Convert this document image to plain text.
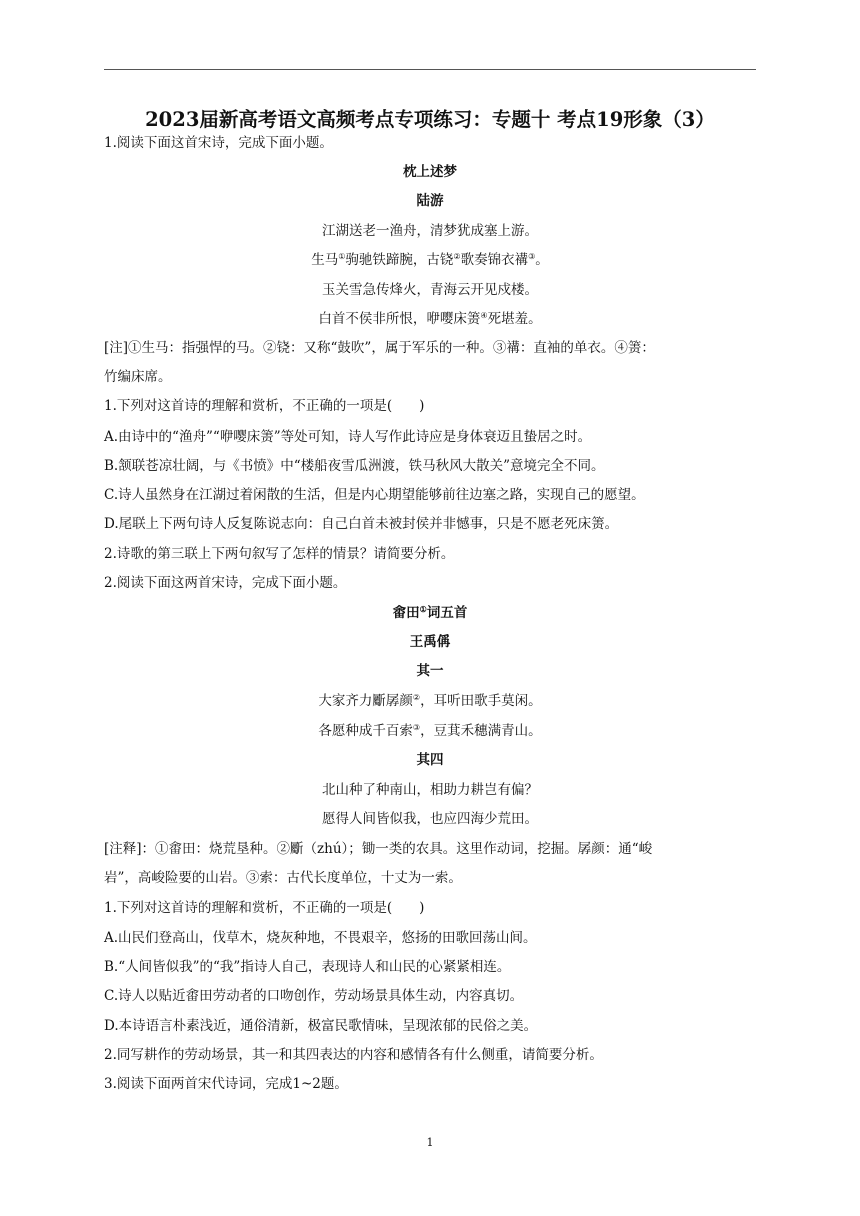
2023届新高考语文高频考点专项练习：专题十 考点19形象（3）
1.阅读下面这首宋诗，完成下面小题。
枕上述梦
陆游
江湖送老一渔舟，清梦犹成塞上游。
生马①驹驰铁蹄腕，古铙②歌奏锦衣褠③。
玉关雪急传烽火，青海云开见戍楼。
白首不侯非所恨，咿嘤床箦④死堪羞。
[注]①生马：指强悍的马。②铙：又称“鼓吹”，属于军乐的一种。③褠：直袖的单衣。④箦：
竹编床席。
1.下列对这首诗的理解和赏析，不正确的一项是(　　)
A.由诗中的“渔舟”“咿嘤床箦”等处可知，诗人写作此诗应是身体衰迈且蛰居之时。
B.颔联苍凉壮阔，与《书愤》中“楼船夜雪瓜洲渡，铁马秋风大散关”意境完全不同。
C.诗人虽然身在江湖过着闲散的生活，但是内心期望能够前往边塞之路，实现自己的愿望。
D.尾联上下两句诗人反复陈说志向：自己白首未被封侯并非憾事，只是不愿老死床箦。
2.诗歌的第三联上下两句叙写了怎样的情景？请简要分析。
2.阅读下面这两首宋诗，完成下面小题。
畬田①词五首
王禹偁
其一
大家齐力斸孱颜②，耳听田歌手莫闲。
各愿种成千百索③，豆萁禾穗满青山。
其四
北山种了种南山，相助力耕岂有偏？
愿得人间皆似我，也应四海少荒田。
[注释]：①畬田：烧荒垦种。②斸（zhú）；锄一类的农具。这里作动词，挖掘。孱颜：通“峻
岩”，高峻险要的山岩。③索：古代长度单位，十丈为一索。
1.下列对这首诗的理解和赏析，不正确的一项是(　　)
A.山民们登高山，伐草木，烧灰种地，不畏艰辛，悠扬的田歌回荡山间。
B.“人间皆似我”的“我”指诗人自己，表现诗人和山民的心紧紧相连。
C.诗人以贴近畬田劳动者的口吻创作，劳动场景具体生动，内容真切。
D.本诗语言朴素浅近，通俗清新，极富民歌情味，呈现浓郁的民俗之美。
2.同写耕作的劳动场景，其一和其四表达的内容和感情各有什么侧重，请简要分析。
3.阅读下面两首宋代诗词，完成1~2题。
1
